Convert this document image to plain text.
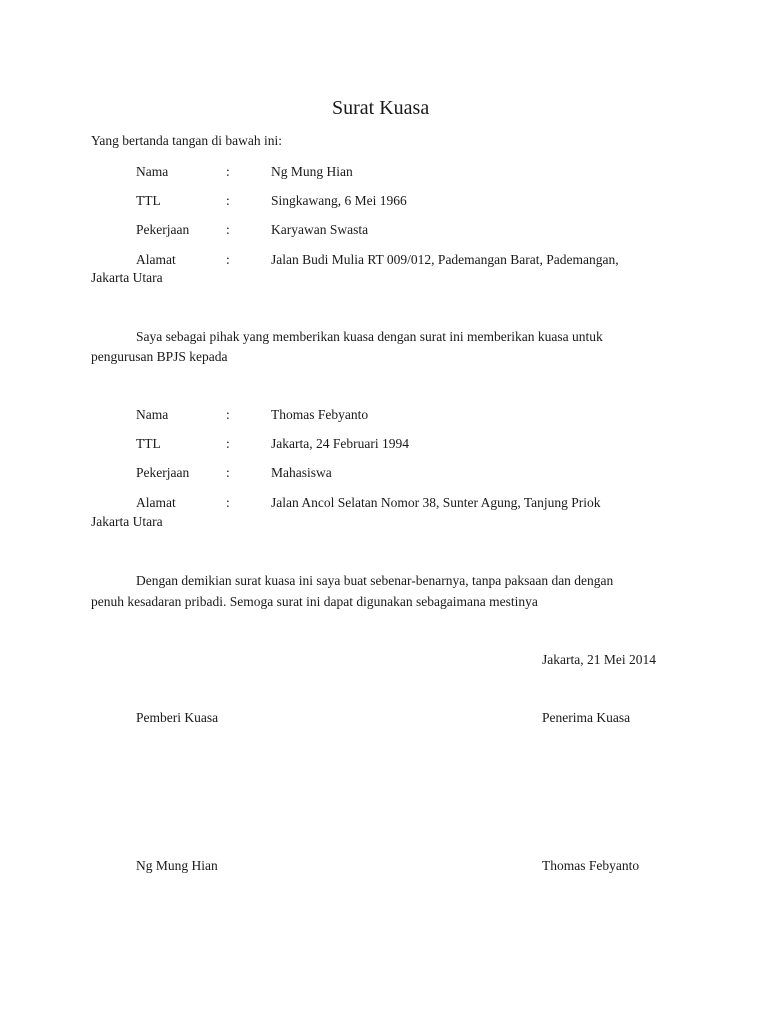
Surat Kuasa
Yang bertanda tangan di bawah ini:
Nama	:	Ng Mung Hian
TTL	:	Singkawang, 6 Mei 1966
Pekerjaan	:	Karyawan Swasta
Alamat	:	Jalan Budi Mulia RT 009/012, Pademangan Barat, Pademangan,
Jakarta Utara
Saya sebagai pihak yang memberikan kuasa dengan surat ini memberikan kuasa untuk
pengurusan BPJS kepada
Nama	:	Thomas Febyanto
TTL	:	Jakarta, 24 Februari 1994
Pekerjaan	:	Mahasiswa
Alamat	:	Jalan Ancol Selatan Nomor 38, Sunter Agung, Tanjung Priok
Jakarta Utara
Dengan demikian surat kuasa ini saya buat sebenar-benarnya, tanpa paksaan dan dengan
penuh kesadaran pribadi. Semoga surat ini dapat digunakan sebagaimana mestinya
Jakarta, 21 Mei 2014
Pemberi Kuasa	Penerima Kuasa
Ng Mung Hian	Thomas Febyanto
